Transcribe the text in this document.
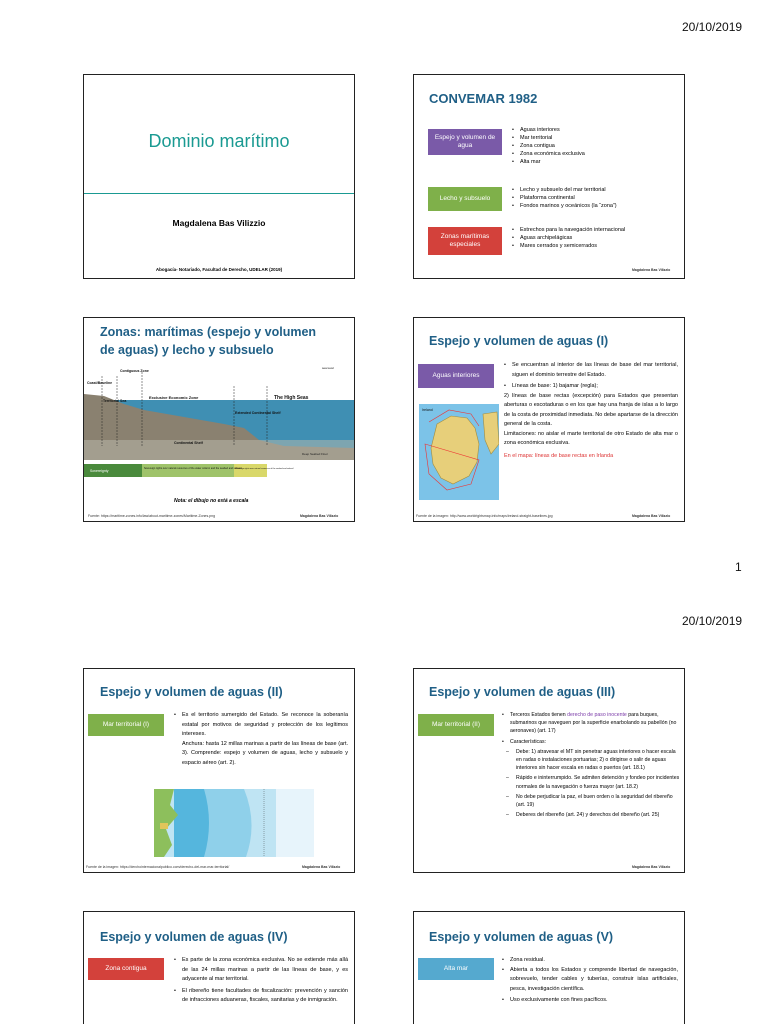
20/10/2019
Dominio marítimo
Magdalena Bas Vilizzio
Abogacía- Notariado, Facultad de Derecho, UDELAR (2019)
CONVEMAR 1982
Espejo y volumen de agua
• Aguas interiores
• Mar territorial
• Zona contigua
• Zona económica exclusiva
• Alta mar
Lecho y subsuelo
• Lecho y subsuelo del mar territorial
• Plataforma continental
• Fondos marinos y oceánicos (la “zona”)
Zonas marítimas especiales
• Estrechos para la navegación internacional
• Aguas archipelágicas
• Mares cerrados y semicerrados
Magdalena Bas Vilizzio
Zonas: marítimas (espejo y volumen
de aguas) y lecho y subsuelo
Coast/Baseline
Contiguous Zone
Territorial Sea
Exclusive Economic Zone	The High Seas
Extended Continental Shelf
Continental Shelf
sea level
Deep Seabed Floor
Sovereignty
Sovereign rights over natural resources of the water column and the seabed and subsoil
Sovereign rights over natural resources of the seabed and subsoil
Nota: el dibujo no está a escala
Fuente: https://maritime-zones.info/law/about-maritime-zones/Maritime-Zones.png	Magdalena Bas Vilizzio
Espejo y volumen de aguas (I)
Aguas interiores
Ireland
• Se encuentran al interior de las líneas de base del mar territorial, siguen el dominio terrestre del Estado.
• Líneas de base: 1) bajamar (regla);
2) líneas de base rectas (excepción) para Estados que presentan aberturas o escotaduras o en los que hay una franja de islas a lo largo de la costa de proximidad inmediata. No debe apartarse de la dirección general de la costa.
Limitaciones: no aislar el marte territorial de otro Estado de alta mar o zona económica exclusiva.
En el mapa: líneas de base rectas en Irlanda
Fuente de la imagen: http://www.worldrightsmap.info/maps/ireland-straight-baselines.jpg	Magdalena Bas Vilizzio
1
20/10/2019
Espejo y volumen de aguas (II)
Mar territorial (I)
• Es el territorio sumergido del Estado. Se reconoce la soberanía estatal por motivos de seguridad y protección de los legítimos intereses.
Anchura: hasta 12 millas marinas a partir de las líneas de base (art. 3). Comprende: espejo y volumen de aguas, lecho y subsuelo y espacio aéreo (art. 2).
Fuente de la imagen: https://derchointernacionalpublico.com/derecho-del-mar-mar-territorial/	Magdalena Bas Vilizzio
Espejo y volumen de aguas (III)
Mar territorial (II)
• Terceros Estados tienen derecho de paso inocente para buques, submarinos que naveguen por la superficie enarbolando su pabellón (no aeronaves) (art. 17)
• Características:
– Debe: 1) atravesar el MT sin penetrar aguas interiores o hacer escala en radas o instalaciones portuarias; 2) o dirigirse o salir de aguas interiores sin hacer escala en radas o puertos (art. 18.1)
– Rápido e ininterrumpido. Se admiten detención y fondeo por incidentes normales de la navegación o fuerza mayor (art. 18.2)
– No debe perjudicar la paz, el buen orden o la seguridad del ribereño (art. 19)
– Deberes del ribereño (art. 24) y derechos del ribereño (art. 25)
Magdalena Bas Vilizzio
Espejo y volumen de aguas (IV)
Zona contigua
• Es parte de la zona económica exclusiva. No se extiende más allá de las 24 millas marinas a partir de las líneas de base, y es adyacente al mar territorial.
• El ribereño tiene facultades de fiscalización: prevención y sanción de infracciones aduaneras, fiscales, sanitarias y de inmigración.
Espejo y volumen de aguas (V)
Alta mar
• Zona residual.
• Abierta a todos los Estados y comprende libertad de navegación, sobrevuelo, tender cables y tuberías, construir islas artificiales, pesca, investigación científica.
• Uso exclusivamente con fines pacíficos.
